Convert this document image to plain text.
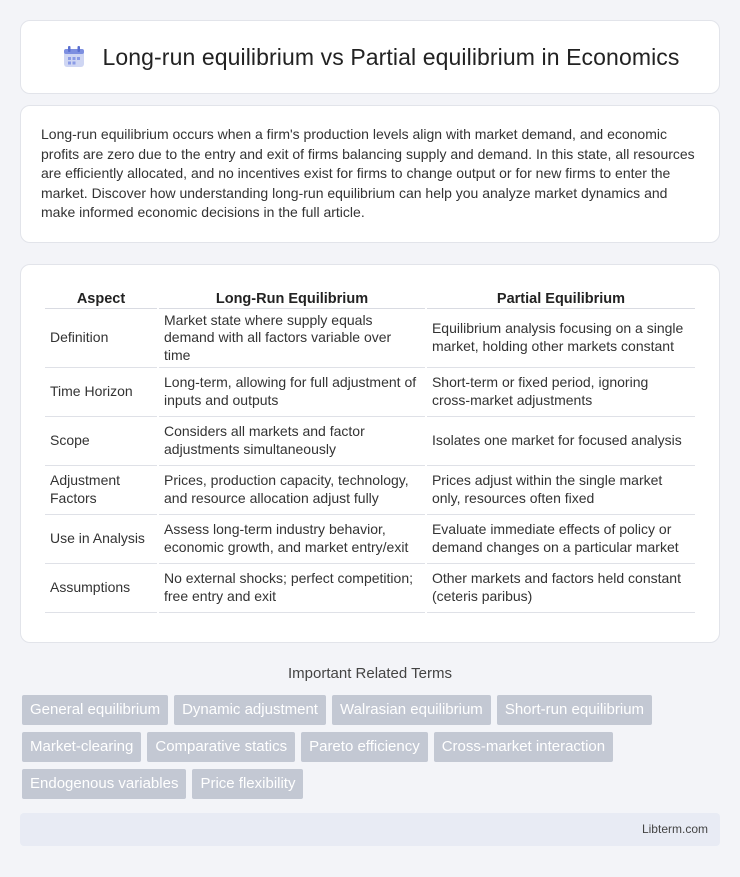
Long-run equilibrium vs Partial equilibrium in Economics

Long-run equilibrium occurs when a firm's production levels align with market demand, and economic profits are zero due to the entry and exit of firms balancing supply and demand. In this state, all resources are efficiently allocated, and no incentives exist for firms to change output or for new firms to enter the market. Discover how understanding long-run equilibrium can help you analyze market dynamics and make informed economic decisions in the full article.

Aspect	Long-Run Equilibrium	Partial Equilibrium
Definition	Market state where supply equals demand with all factors variable over time	Equilibrium analysis focusing on a single market, holding other markets constant
Time Horizon	Long-term, allowing for full adjustment of inputs and outputs	Short-term or fixed period, ignoring cross-market adjustments
Scope	Considers all markets and factor adjustments simultaneously	Isolates one market for focused analysis
Adjustment Factors	Prices, production capacity, technology, and resource allocation adjust fully	Prices adjust within the single market only, resources often fixed
Use in Analysis	Assess long-term industry behavior, economic growth, and market entry/exit	Evaluate immediate effects of policy or demand changes on a particular market
Assumptions	No external shocks; perfect competition; free entry and exit	Other markets and factors held constant (ceteris paribus)
Important Related Terms
General equilibrium	Dynamic adjustment	Walrasian equilibrium	Short-run equilibrium
Market-clearing	Comparative statics	Pareto efficiency	Cross-market interaction
Endogenous variables	Price flexibility
Libterm.com
